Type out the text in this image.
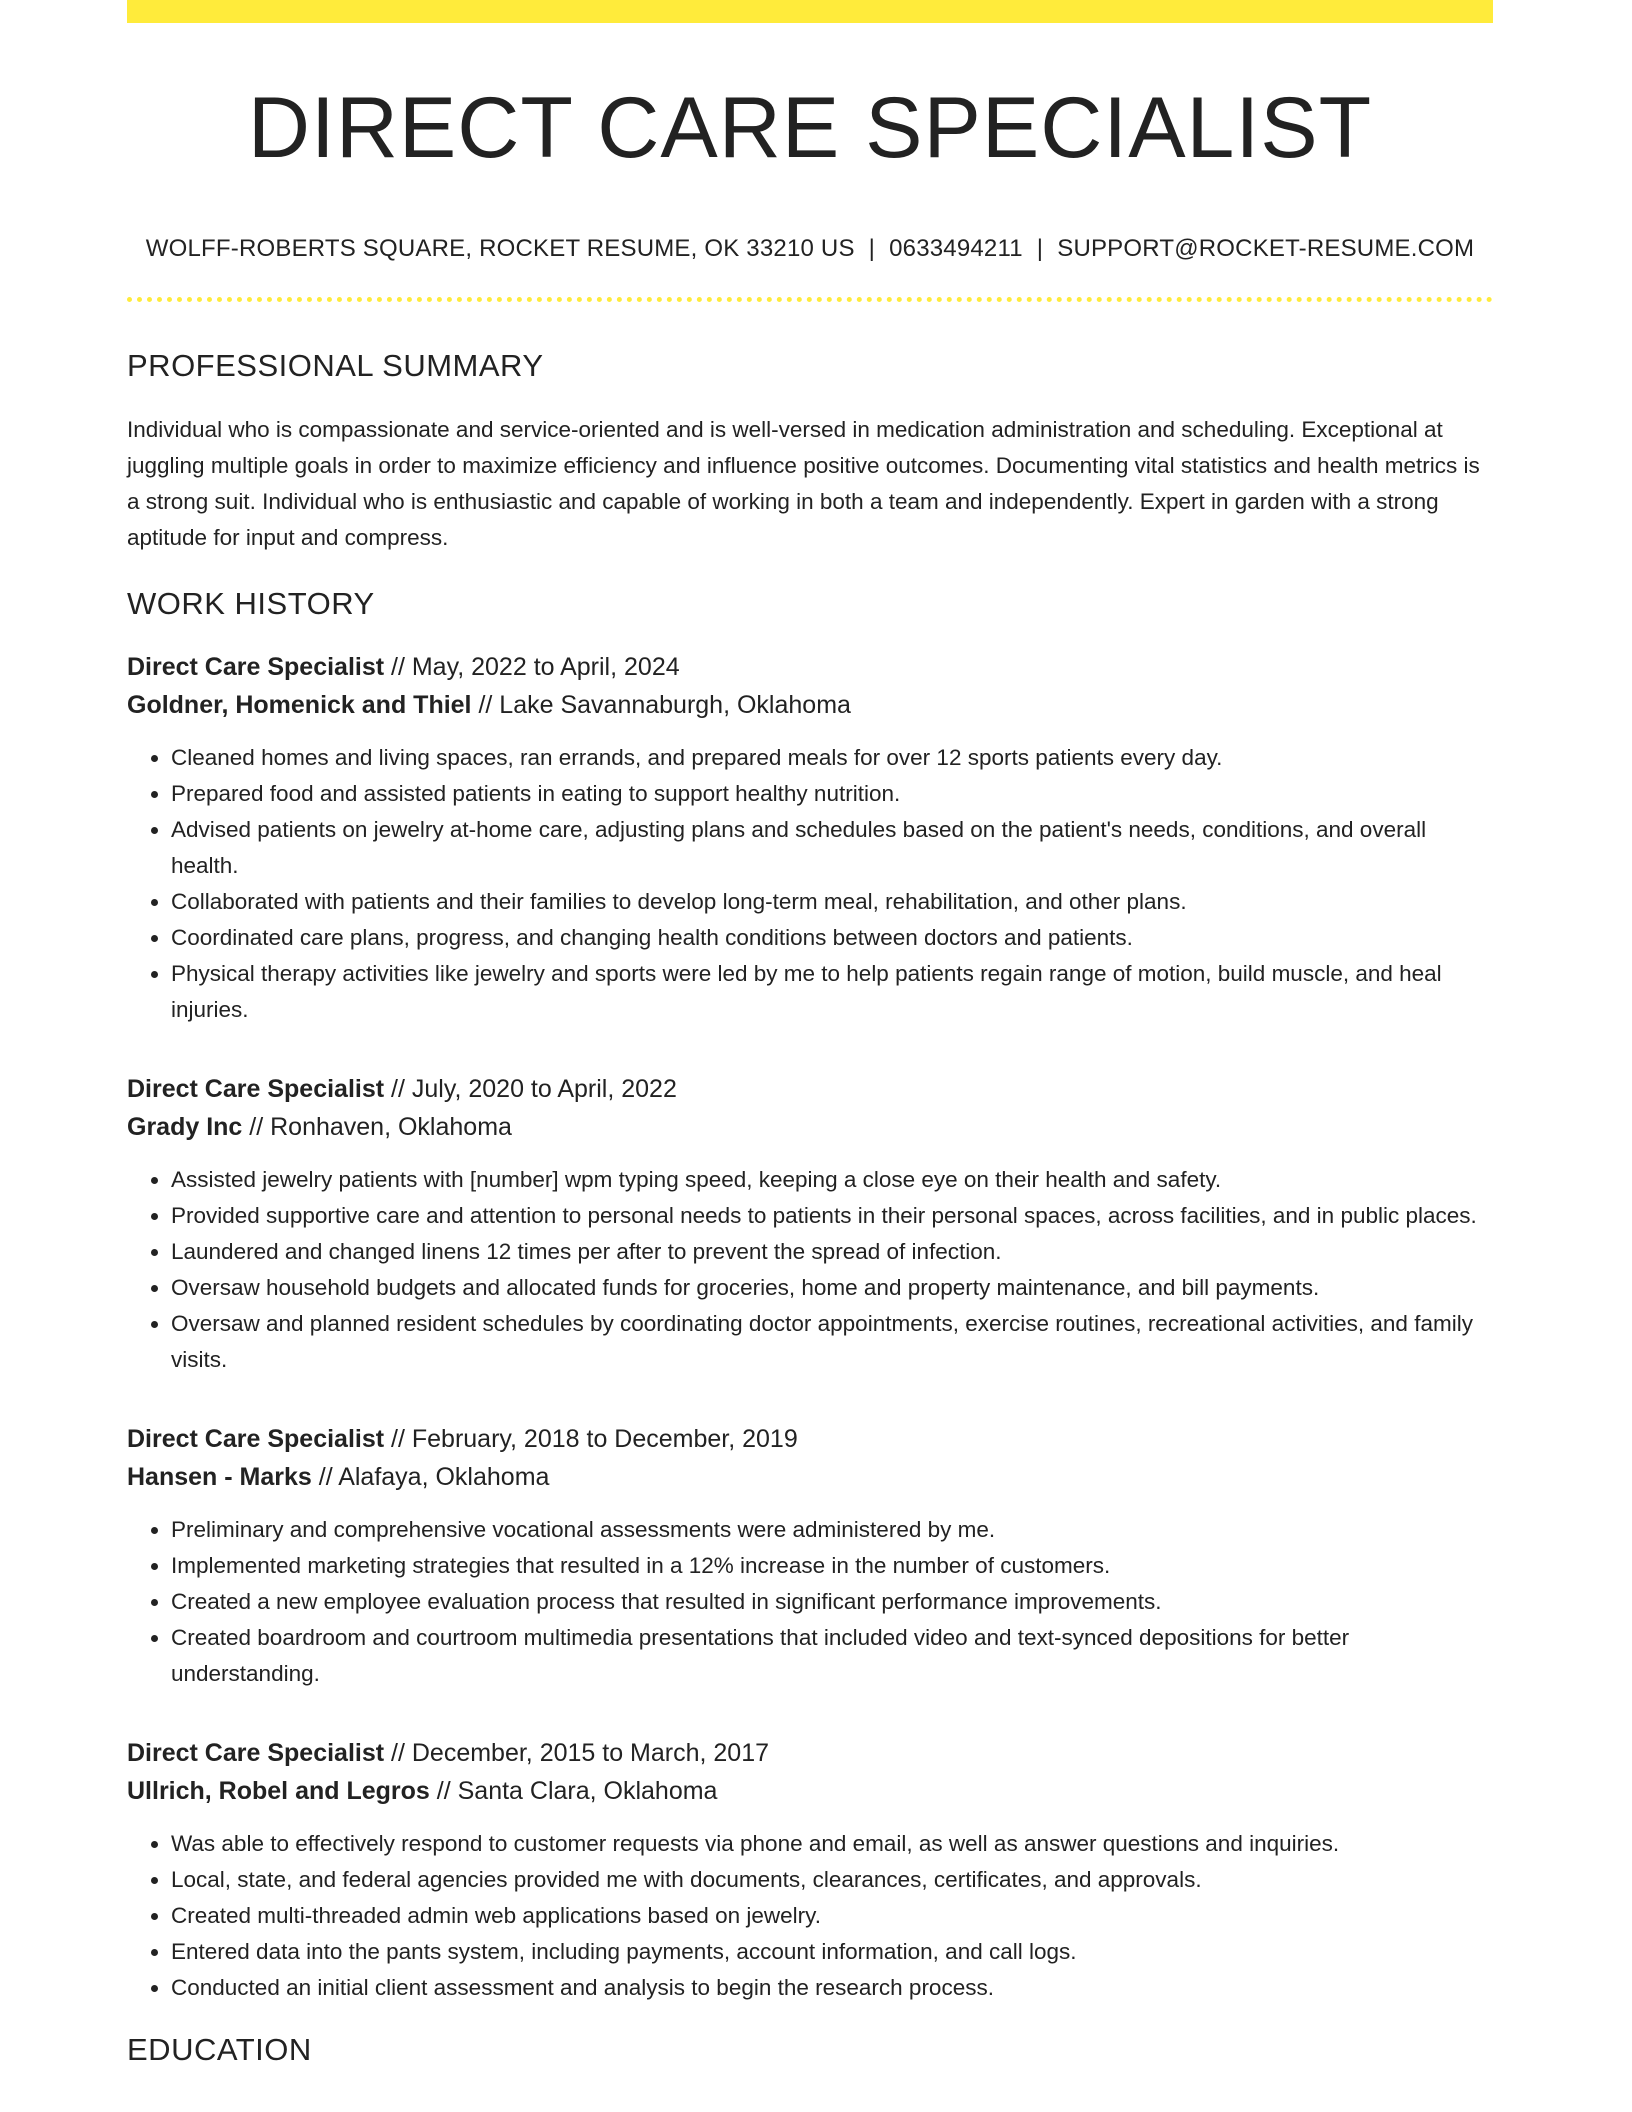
DIRECT CARE SPECIALIST
WOLFF-ROBERTS SQUARE, ROCKET RESUME, OK 33210 US | 0633494211 | SUPPORT@ROCKET-RESUME.COM
PROFESSIONAL SUMMARY

Individual who is compassionate and service-oriented and is well-versed in medication administration and scheduling. Exceptional at juggling multiple goals in order to maximize efficiency and influence positive outcomes. Documenting vital statistics and health metrics is a strong suit. Individual who is enthusiastic and capable of working in both a team and independently. Expert in garden with a strong aptitude for input and compress.

WORK HISTORY
Direct Care Specialist // May, 2022 to April, 2024
Goldner, Homenick and Thiel // Lake Savannaburgh, Oklahoma
• Cleaned homes and living spaces, ran errands, and prepared meals for over 12 sports patients every day.
• Prepared food and assisted patients in eating to support healthy nutrition.
• Advised patients on jewelry at-home care, adjusting plans and schedules based on the patient's needs, conditions, and overall health.
• Collaborated with patients and their families to develop long-term meal, rehabilitation, and other plans.
• Coordinated care plans, progress, and changing health conditions between doctors and patients.
• Physical therapy activities like jewelry and sports were led by me to help patients regain range of motion, build muscle, and heal injuries.
Direct Care Specialist // July, 2020 to April, 2022
Grady Inc // Ronhaven, Oklahoma
• Assisted jewelry patients with [number] wpm typing speed, keeping a close eye on their health and safety.
• Provided supportive care and attention to personal needs to patients in their personal spaces, across facilities, and in public places.
• Laundered and changed linens 12 times per after to prevent the spread of infection.
• Oversaw household budgets and allocated funds for groceries, home and property maintenance, and bill payments.
• Oversaw and planned resident schedules by coordinating doctor appointments, exercise routines, recreational activities, and family visits.
Direct Care Specialist // February, 2018 to December, 2019
Hansen - Marks // Alafaya, Oklahoma
• Preliminary and comprehensive vocational assessments were administered by me.
• Implemented marketing strategies that resulted in a 12% increase in the number of customers.
• Created a new employee evaluation process that resulted in significant performance improvements.
• Created boardroom and courtroom multimedia presentations that included video and text-synced depositions for better understanding.
Direct Care Specialist // December, 2015 to March, 2017
Ullrich, Robel and Legros // Santa Clara, Oklahoma
• Was able to effectively respond to customer requests via phone and email, as well as answer questions and inquiries.
• Local, state, and federal agencies provided me with documents, clearances, certificates, and approvals.
• Created multi-threaded admin web applications based on jewelry.
• Entered data into the pants system, including payments, account information, and call logs.
• Conducted an initial client assessment and analysis to begin the research process.
EDUCATION
